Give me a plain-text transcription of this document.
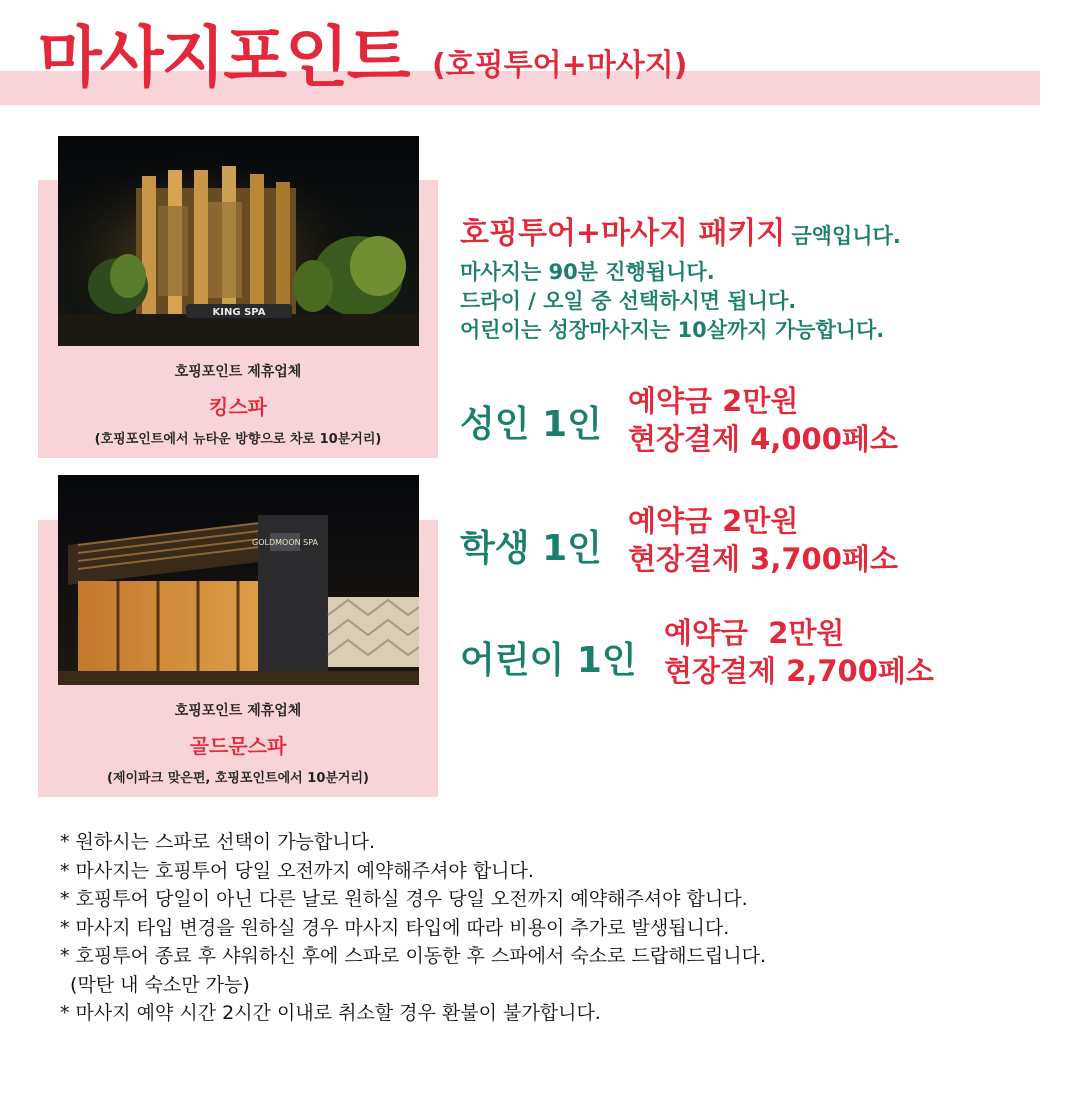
마사지포인트 (호핑투어+마사지)
KING SPA
호핑포인트 제휴업체
킹스파
(호핑포인트에서 뉴타운 방향으로 차로 10분거리)
GOLDMOON SPA
호핑포인트 제휴업체
골드문스파
(제이파크 맞은편, 호핑포인트에서 10분거리)
호핑투어+마사지 패키지 금액입니다.
마사지는 90분 진행됩니다.
드라이 / 오일 중 선택하시면 됩니다.
어린이는 성장마사지는 10살까지 가능합니다.
성인 1인
예약금 2만원
현장결제 4,000페소
학생 1인
예약금 2만원
현장결제 3,700페소
어린이 1인
예약금  2만원
현장결제 2,700페소
* 원하시는 스파로 선택이 가능합니다.
* 마사지는 호핑투어 당일 오전까지 예약해주셔야 합니다.
* 호핑투어 당일이 아닌 다른 날로 원하실 경우 당일 오전까지 예약해주셔야 합니다.
* 마사지 타입 변경을 원하실 경우 마사지 타입에 따라 비용이 추가로 발생됩니다.
* 호핑투어 종료 후 샤워하신 후에 스파로 이동한 후 스파에서 숙소로 드랍해드립니다.
(막탄 내 숙소만 가능)
* 마사지 예약 시간 2시간 이내로 취소할 경우 환불이 불가합니다.
